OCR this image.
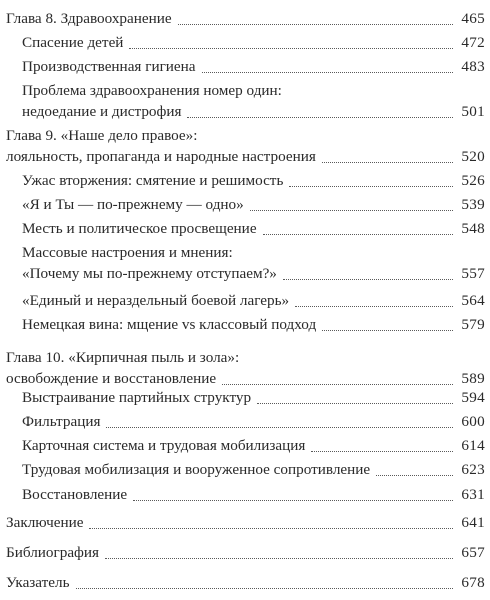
Глава 8. Здравоохранение	465
Спасение детей	472
Производственная гигиена	483
Проблема здравоохранения номер один:
недоедание и дистрофия	501
Глава 9. «Наше дело правое»:
лояльность, пропаганда и народные настроения	520
Ужас вторжения: смятение и решимость	526
«Я и Ты — по-прежнему — одно»	539
Месть и политическое просвещение	548
Массовые настроения и мнения:
«Почему мы по-прежнему отступаем?»	557
«Единый и нераздельный боевой лагерь»	564
Немецкая вина: мщение vs классовый подход	579
Глава 10. «Кирпичная пыль и зола»:
освобождение и восстановление	589
Выстраивание партийных структур	594
Фильтрация	600
Карточная система и трудовая мобилизация	614
Трудовая мобилизация и вооруженное сопротивление	623
Восстановление	631
Заключение	641
Библиография	657
Указатель	678
